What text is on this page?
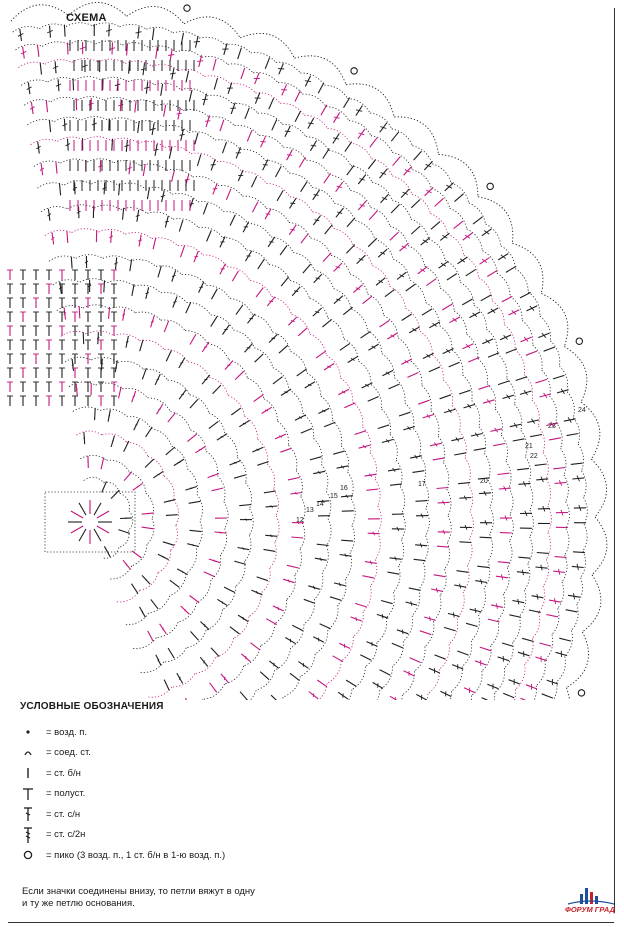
СХЕМА
20
21
22
23
24
12
13
14
15
16
17
УСЛОВНЫЕ ОБОЗНАЧЕНИЯ
= возд. п.
= соед. ст.
= ст. б/н
= полуст.
= ст. с/н
= ст. с/2н
= пико (3 возд. п., 1 ст. б/н в 1-ю возд. п.)
Если значки соединены внизу, то петли вяжут в одну
и ту же петлю основания.
ФОРУМ ГРАД
